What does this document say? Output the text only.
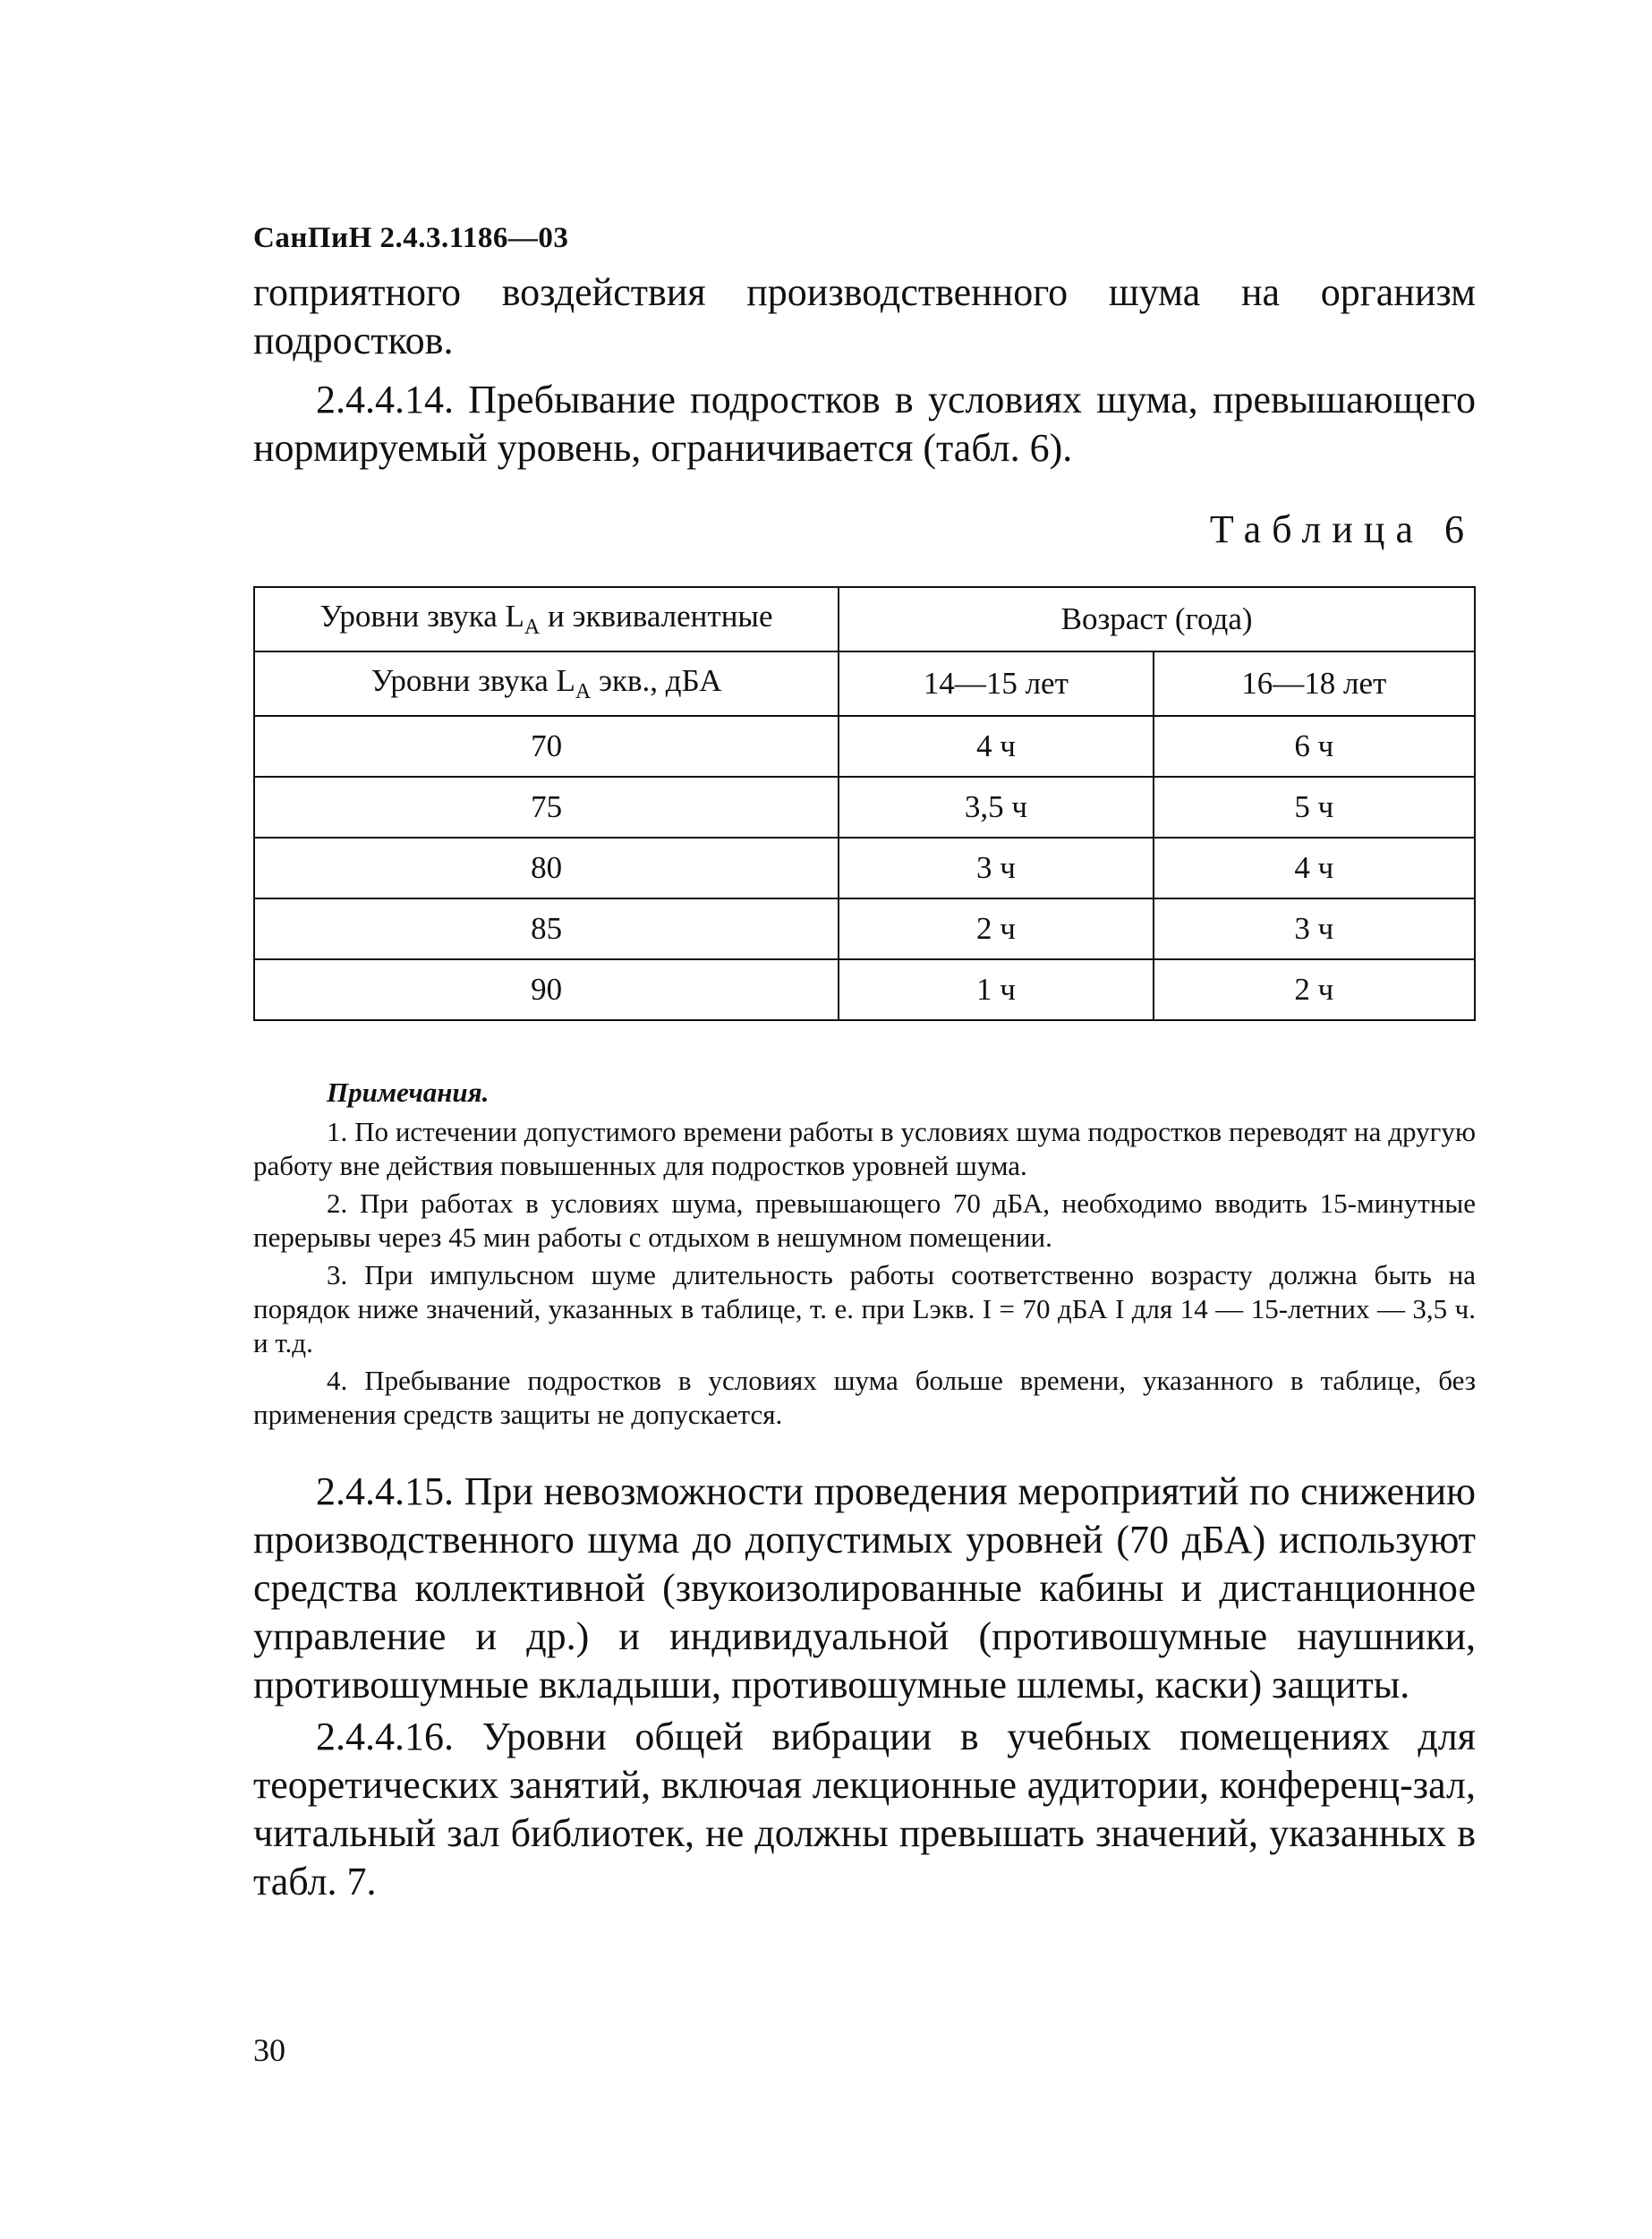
СанПиН 2.4.3.1186—03

гоприятного воздействия производственного шума на организм подростков.

2.4.4.14. Пребывание подростков в условиях шума, превышающего нормируемый уровень, ограничивается (табл. 6).

Таблица 6
Уровни звука $L_A$ и эквивалентные	Возраст (года)	
Уровни звука $L_A$ экв., дБА	14—15 лет	16—18 лет
70	4 ч	6 ч
75	3,5 ч	5 ч
80	3 ч	4 ч
85	2 ч	3 ч
90	1 ч	2 ч

Примечания.

1. По истечении допустимого времени работы в условиях шума подростков переводят на другую работу вне действия повышенных для подростков уровней шума.

2. При работах в условиях шума, превышающего 70 дБА, необходимо вводить 15-минутные перерывы через 45 мин работы с отдыхом в нешумном помещении.

3. При импульсном шуме длительность работы соответственно возрасту должна быть на порядок ниже значений, указанных в таблице, т. е. при Lэкв. I = 70 дБА I для 14 — 15-летних — 3,5 ч. и т.д.

4. Пребывание подростков в условиях шума больше времени, указанного в таблице, без применения средств защиты не допускается.

2.4.4.15. При невозможности проведения мероприятий по снижению производственного шума до допустимых уровней (70 дБА) используют средства коллективной (звукоизолированные кабины и дистанционное управление и др.) и индивидуальной (противошумные наушники, противошумные вкладыши, противошумные шлемы, каски) защиты.

2.4.4.16. Уровни общей вибрации в учебных помещениях для теоретических занятий, включая лекционные аудитории, конференц-зал, читальный зал библиотек, не должны превышать значений, указанных в табл. 7.

30
